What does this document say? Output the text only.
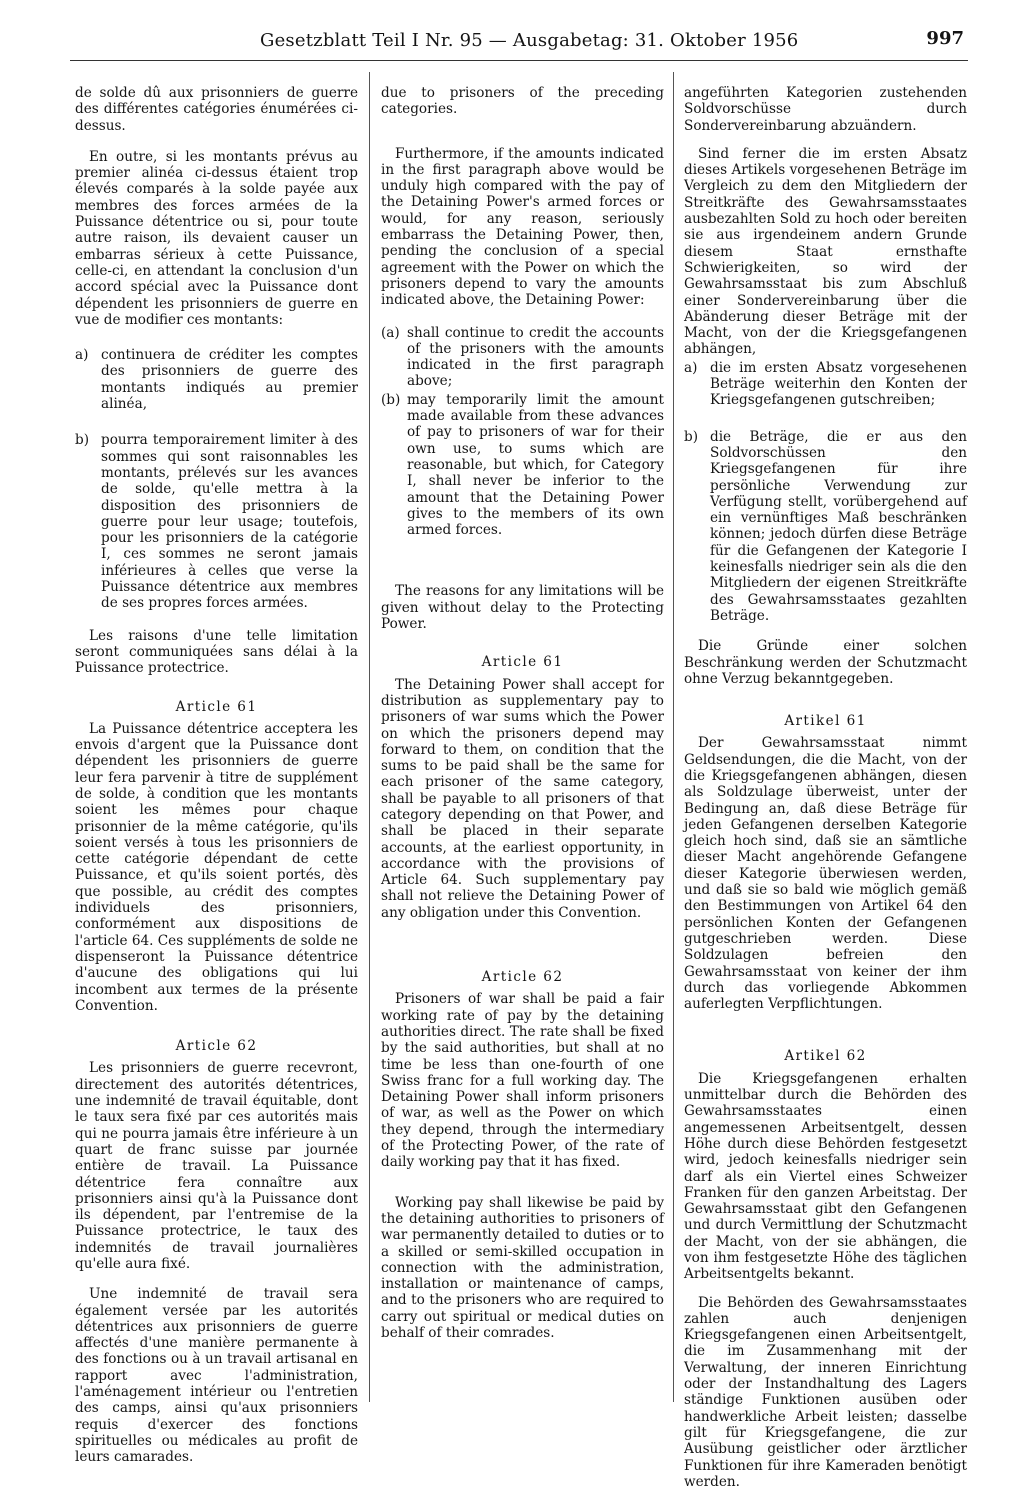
Gesetzblatt Teil I Nr. 95 — Ausgabetag: 31. Oktober 1956	997

de solde dû aux prisonniers de guerre des différentes catégories énumérées ci-dessus.

En outre, si les montants prévus au premier alinéa ci-dessus étaient trop élevés comparés à la solde payée aux membres des forces armées de la Puissance détentrice ou si, pour toute autre raison, ils devaient causer un embarras sérieux à cette Puissance, celle-ci, en attendant la conclusion d'un accord spécial avec la Puissance dont dépendent les prisonniers de guerre en vue de modifier ces montants:

a) continuera de créditer les comptes des prisonniers de guerre des montants indiqués au premier alinéa,
b) pourra temporairement limiter à des sommes qui sont raisonnables les montants, prélevés sur les avances de solde, qu'elle mettra à la disposition des prisonniers de guerre pour leur usage; toutefois, pour les prisonniers de la catégorie I, ces sommes ne seront jamais inférieures à celles que verse la Puissance détentrice aux membres de ses propres forces armées.

Les raisons d'une telle limitation seront communiquées sans délai à la Puissance protectrice.

Article 61

La Puissance détentrice acceptera les envois d'argent que la Puissance dont dépendent les prisonniers de guerre leur fera parvenir à titre de supplément de solde, à condition que les montants soient les mêmes pour chaque prisonnier de la même catégorie, qu'ils soient versés à tous les prisonniers de cette catégorie dépendant de cette Puissance, et qu'ils soient portés, dès que possible, au crédit des comptes individuels des prisonniers, conformément aux dispositions de l'article 64. Ces suppléments de solde ne dispenseront la Puissance détentrice d'aucune des obligations qui lui incombent aux termes de la présente Convention.

Article 62

Les prisonniers de guerre recevront, directement des autorités détentrices, une indemnité de travail équitable, dont le taux sera fixé par ces autorités mais qui ne pourra jamais être inférieure à un quart de franc suisse par journée entière de travail. La Puissance détentrice fera connaître aux prisonniers ainsi qu'à la Puissance dont ils dépendent, par l'entremise de la Puissance protectrice, le taux des indemnités de travail journalières qu'elle aura fixé.

Une indemnité de travail sera également versée par les autorités détentrices aux prisonniers de guerre affectés d'une manière permanente à des fonctions ou à un travail artisanal en rapport avec l'administration, l'aménagement intérieur ou l'entretien des camps, ainsi qu'aux prisonniers requis d'exercer des fonctions spirituelles ou médicales au profit de leurs camarades.

due to prisoners of the preceding categories.

Furthermore, if the amounts indicated in the first paragraph above would be unduly high compared with the pay of the Detaining Power's armed forces or would, for any reason, seriously embarrass the Detaining Power, then, pending the conclusion of a special agreement with the Power on which the prisoners depend to vary the amounts indicated above, the Detaining Power:

(a) shall continue to credit the accounts of the prisoners with the amounts indicated in the first paragraph above;
(b) may temporarily limit the amount made available from these advances of pay to prisoners of war for their own use, to sums which are reasonable, but which, for Category I, shall never be inferior to the amount that the Detaining Power gives to the members of its own armed forces.

The reasons for any limitations will be given without delay to the Protecting Power.

Article 61

The Detaining Power shall accept for distribution as supplementary pay to prisoners of war sums which the Power on which the prisoners depend may forward to them, on condition that the sums to be paid shall be the same for each prisoner of the same category, shall be payable to all prisoners of that category depending on that Power, and shall be placed in their separate accounts, at the earliest opportunity, in accordance with the provisions of Article 64. Such supplementary pay shall not relieve the Detaining Power of any obligation under this Convention.

Article 62

Prisoners of war shall be paid a fair working rate of pay by the detaining authorities direct. The rate shall be fixed by the said authorities, but shall at no time be less than one-fourth of one Swiss franc for a full working day. The Detaining Power shall inform prisoners of war, as well as the Power on which they depend, through the intermediary of the Protecting Power, of the rate of daily working pay that it has fixed.

Working pay shall likewise be paid by the detaining authorities to prisoners of war permanently detailed to duties or to a skilled or semi-skilled occupation in connection with the administration, installation or maintenance of camps, and to the prisoners who are required to carry out spiritual or medical duties on behalf of their comrades.

angeführten Kategorien zustehenden Soldvorschüsse durch Sondervereinbarung abzuändern.

Sind ferner die im ersten Absatz dieses Artikels vorgesehenen Beträge im Vergleich zu dem den Mitgliedern der Streitkräfte des Gewahrsamsstaates ausbezahlten Sold zu hoch oder bereiten sie aus irgendeinem andern Grunde diesem Staat ernsthafte Schwierigkeiten, so wird der Gewahrsamsstaat bis zum Abschluß einer Sondervereinbarung über die Abänderung dieser Beträge mit der Macht, von der die Kriegsgefangenen abhängen,

a) die im ersten Absatz vorgesehenen Beträge weiterhin den Konten der Kriegsgefangenen gutschreiben;
b) die Beträge, die er aus den Soldvorschüssen den Kriegsgefangenen für ihre persönliche Verwendung zur Verfügung stellt, vorübergehend auf ein vernünftiges Maß beschränken können; jedoch dürfen diese Beträge für die Gefangenen der Kategorie I keinesfalls niedriger sein als die den Mitgliedern der eigenen Streitkräfte des Gewahrsamsstaates gezahlten Beträge.

Die Gründe einer solchen Beschränkung werden der Schutzmacht ohne Verzug bekanntgegeben.

Artikel 61

Der Gewahrsamsstaat nimmt Geldsendungen, die die Macht, von der die Kriegsgefangenen abhängen, diesen als Soldzulage überweist, unter der Bedingung an, daß diese Beträge für jeden Gefangenen derselben Kategorie gleich hoch sind, daß sie an sämtliche dieser Macht angehörende Gefangene dieser Kategorie überwiesen werden, und daß sie so bald wie möglich gemäß den Bestimmungen von Artikel 64 den persönlichen Konten der Gefangenen gutgeschrieben werden. Diese Soldzulagen befreien den Gewahrsamsstaat von keiner der ihm durch das vorliegende Abkommen auferlegten Verpflichtungen.

Artikel 62

Die Kriegsgefangenen erhalten unmittelbar durch die Behörden des Gewahrsamsstaates einen angemessenen Arbeitsentgelt, dessen Höhe durch diese Behörden festgesetzt wird, jedoch keinesfalls niedriger sein darf als ein Viertel eines Schweizer Franken für den ganzen Arbeitstag. Der Gewahrsamsstaat gibt den Gefangenen und durch Vermittlung der Schutzmacht der Macht, von der sie abhängen, die von ihm festgesetzte Höhe des täglichen Arbeitsentgelts bekannt.

Die Behörden des Gewahrsamsstaates zahlen auch denjenigen Kriegsgefangenen einen Arbeitsentgelt, die im Zusammenhang mit der Verwaltung, der inneren Einrichtung oder der Instandhaltung des Lagers ständige Funktionen ausüben oder handwerkliche Arbeit leisten; dasselbe gilt für Kriegsgefangene, die zur Ausübung geistlicher oder ärztlicher Funktionen für ihre Kameraden benötigt werden.
